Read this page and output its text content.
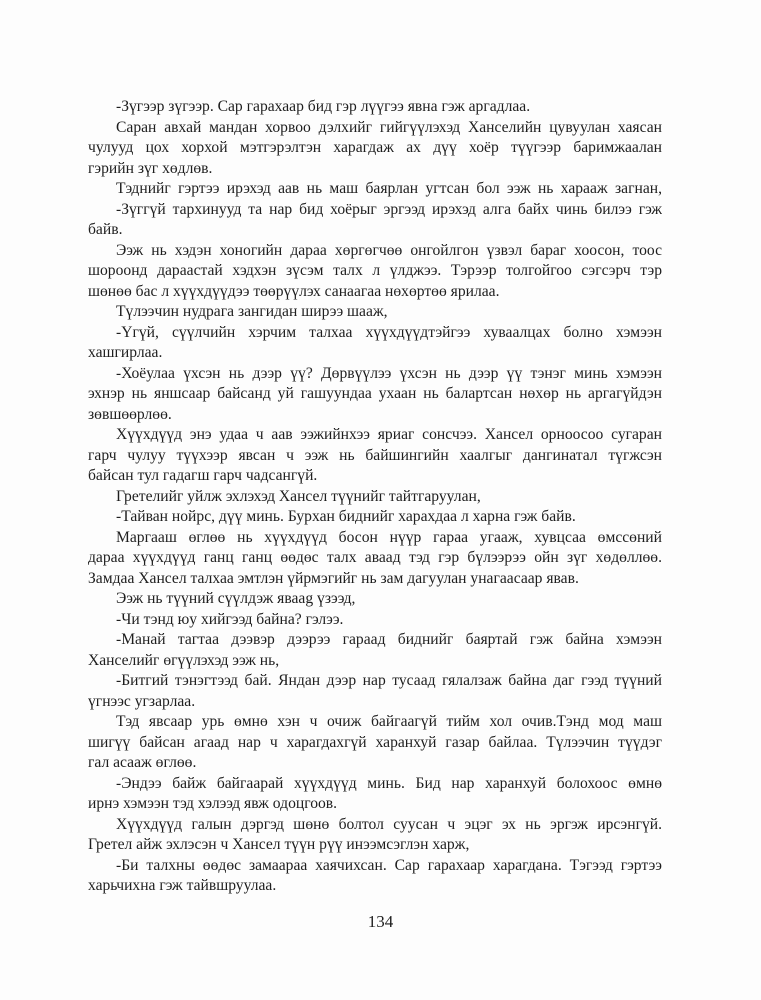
-Зүгээр зүгээр. Сар гарахаар бид гэр лүүгээ явна гэж аргадлаа.
Саран авхай мандан хорвоо дэлхийг гийгүүлэхэд Ханселийн цувуулан хаясан
чулууд цох хорхой мэтгэрэлтэн харагдаж ах дүү хоёр түүгээр баримжаалан
гэрийн зүг хөдлөв.
Тэднийг гэртээ ирэхэд аав нь маш баярлан угтсан бол ээж нь харааж загнан,
-Зүггүй тархинууд та нар бид хоёрыг эргээд ирэхэд алга байх чинь билээ гэж
байв.
Ээж нь хэдэн хоногийн дараа хөргөгчөө онгойлгон үзвэл бараг хоосон, тоос
шороонд дараастай хэдхэн зүсэм талх л үлджээ. Тэрээр толгойгоо сэгсэрч тэр
шөнөө бас л хүүхдүүдээ төөрүүлэх санаагаа нөхөртөө ярилаа.
Түлээчин нудрага зангидан ширээ шааж,
-Үгүй, сүүлчийн хэрчим талхаа хүүхдүүдтэйгээ хуваалцах болно хэмээн
хашгирлаа.
-Хоёулаа үхсэн нь дээр үү? Дөрвүүлээ үхсэн нь дээр үү тэнэг минь хэмээн
эхнэр нь яншсаар байсанд уй гашуундаа ухаан нь балартсан нөхөр нь аргагүйдэн
зөвшөөрлөө.
Хүүхдүүд энэ удаа ч аав ээжийнхээ яриаг сонсчээ. Хансел орноосоо сугаран
гарч чулуу түүхээр явсан ч ээж нь байшингийн хаалгыг дангинатал түгжсэн
байсан тул гадагш гарч чадсангүй.
Гретелийг уйлж эхлэхэд Хансел түүнийг тайтгаруулан,
-Тайван нойрс, дүү минь. Бурхан биднийг харахдаа л харна гэж байв.
Маргааш өглөө нь хүүхдүүд босон нүүр гараа угааж, хувцсаа өмссөний
дараа хүүхдүүд ганц ганц өөдөс талх аваад тэд гэр бүлээрээ ойн зүг хөдөллөө.
Замдаа Хансел талхаа эмтлэн үйрмэгийг нь зам дагуулан унагаасаар явав.
Ээж нь түүний сүүлдэж яваag үзээд,
-Чи тэнд юу хийгээд байна? гэлээ.
-Манай тагтаа дээвэр дээрээ гараад биднийг баяртай гэж байна хэмээн
Ханселийг өгүүлэхэд ээж нь,
-Битгий тэнэгтээд бай. Яндан дээр нар тусаад гялалзаж байна даг гээд түүний
үгнээс угзарлаа.
Тэд явсаар урь өмнө хэн ч очиж байгаагүй тийм хол очив.Тэнд мод маш
шигүү байсан агаад нар ч харагдахгүй харанхуй газар байлаа. Түлээчин түүдэг
гал асааж өглөө.
-Эндээ байж байгаарай хүүхдүүд минь. Бид нар харанхуй болохоос өмнө
ирнэ хэмээн тэд хэлээд явж одоцгоов.
Хүүхдүүд галын дэргэд шөнө болтол суусан ч эцэг эх нь эргэж ирсэнгүй.
Гретел айж эхлэсэн ч Хансел түүн рүү инээмсэглэн харж,
-Би талхны өөдөс замаараа хаячихсан. Сар гарахаар харагдана. Тэгээд гэртээ
харьчихна гэж тайвшруулаа.
134
